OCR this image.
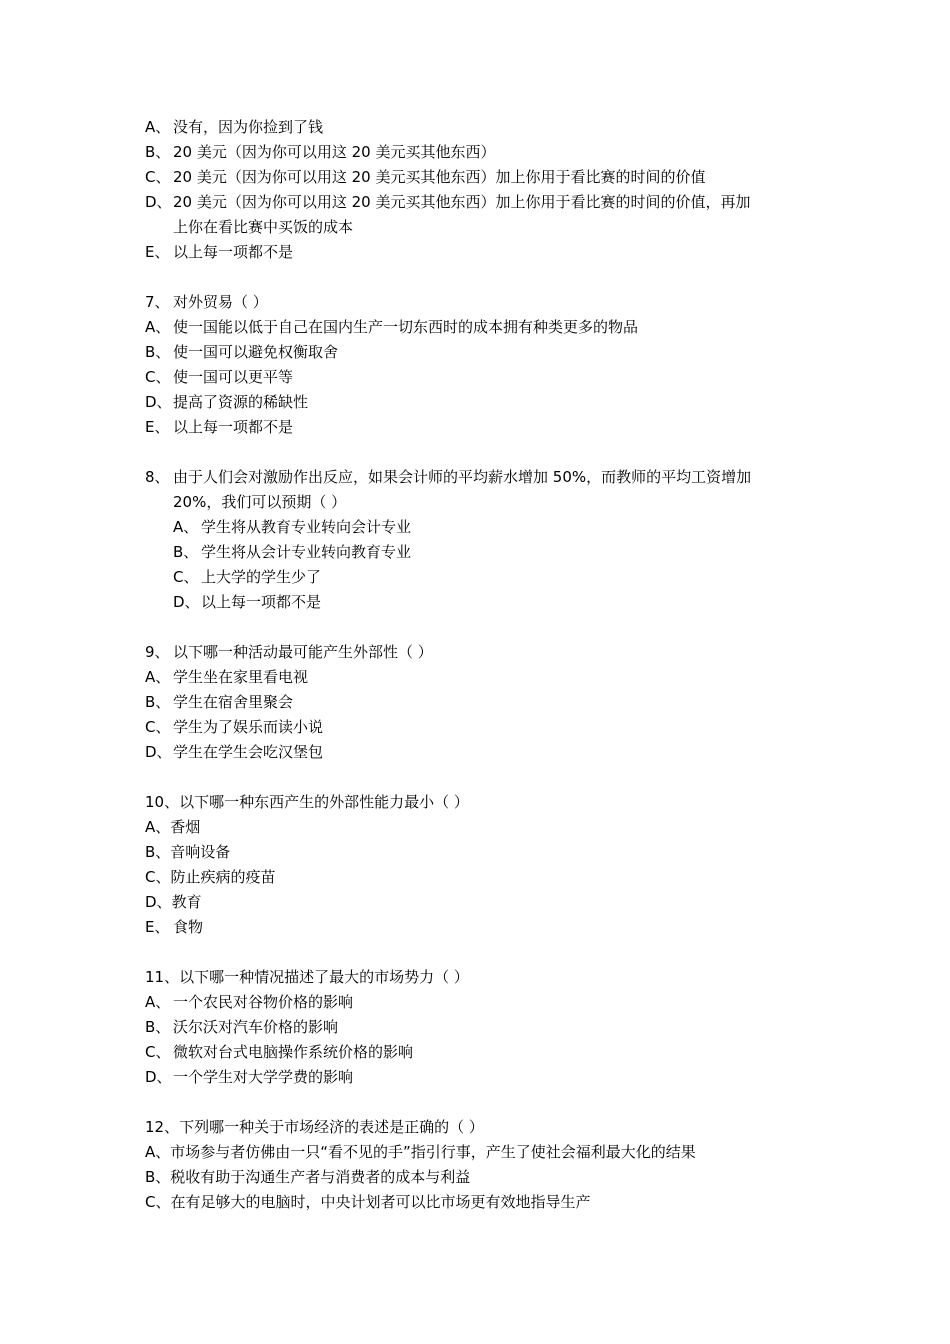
A、 没有，因为你捡到了钱
B、 20 美元（因为你可以用这 20 美元买其他东西）
C、 20 美元（因为你可以用这 20 美元买其他东西）加上你用于看比赛的时间的价值
D、 20 美元（因为你可以用这 20 美元买其他东西）加上你用于看比赛的时间的价值，再加
上你在看比赛中买饭的成本
E、 以上每一项都不是
7、 对外贸易（ ）
A、 使一国能以低于自己在国内生产一切东西时的成本拥有种类更多的物品
B、 使一国可以避免权衡取舍
C、 使一国可以更平等
D、 提高了资源的稀缺性
E、 以上每一项都不是
8、 由于人们会对激励作出反应，如果会计师的平均薪水增加 50%，而教师的平均工资增加
20%，我们可以预期（ ）
A、 学生将从教育专业转向会计专业
B、 学生将从会计专业转向教育专业
C、 上大学的学生少了
D、 以上每一项都不是
9、 以下哪一种活动最可能产生外部性（ ）
A、 学生坐在家里看电视
B、 学生在宿舍里聚会
C、 学生为了娱乐而读小说
D、 学生在学生会吃汉堡包
10、 以下哪一种东西产生的外部性能力最小（ ）
A、 香烟
B、 音响设备
C、 防止疾病的疫苗
D、 教育
E、 食物
11、 以下哪一种情况描述了最大的市场势力（ ）
A、 一个农民对谷物价格的影响
B、 沃尔沃对汽车价格的影响
C、 微软对台式电脑操作系统价格的影响
D、 一个学生对大学学费的影响
12、 下列哪一种关于市场经济的表述是正确的（ ）
A、 市场参与者仿佛由一只“看不见的手”指引行事，产生了使社会福利最大化的结果
B、 税收有助于沟通生产者与消费者的成本与利益
C、 在有足够大的电脑时，中央计划者可以比市场更有效地指导生产
